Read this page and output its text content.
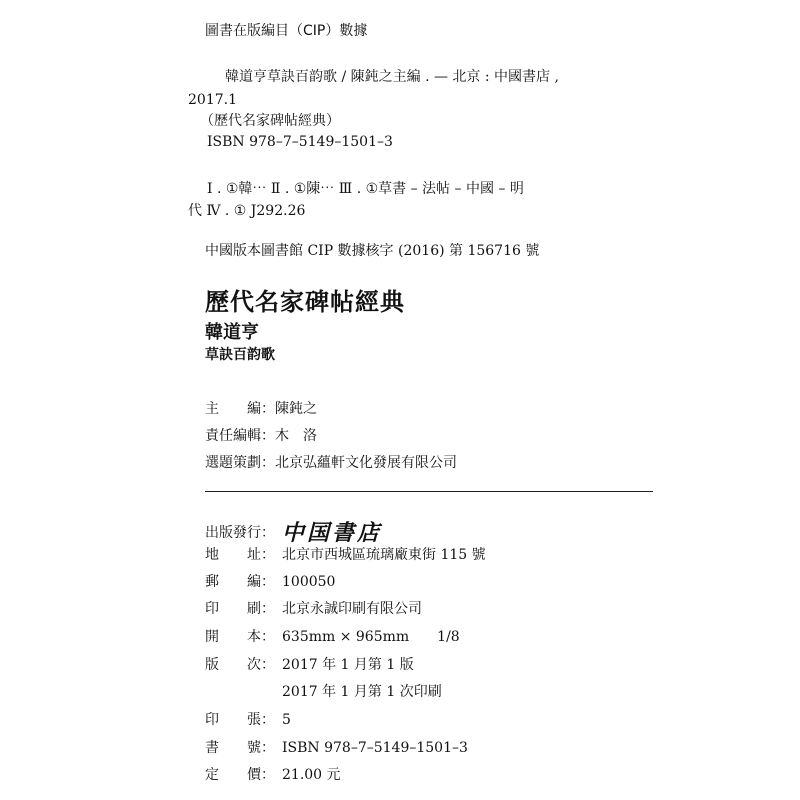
圖書在版編目（CIP）數據
韓道亨草訣百韵歌 / 陳鈍之主編 . — 北京 : 中國書店 ,
2017.1
（歷代名家碑帖經典）
ISBN 978–7–5149–1501–3
Ⅰ . ①韓⋯ Ⅱ . ①陳⋯ Ⅲ . ①草書 – 法帖 – 中國 – 明
代 Ⅳ . ① J292.26
中國版本圖書館 CIP 數據核字 (2016) 第 156716 號
歷代名家碑帖經典
韓道亨
草訣百韵歌
主　　編：陳鈍之
責任編輯：木　洛
選題策劃：北京弘蘊軒文化發展有限公司
出版發行： 中国書店
地　　址： 北京市西城區琉璃廠東街 115 號
郵　　編： 100050
印　　刷： 北京永誠印刷有限公司
開　　本： 635mm × 965mm　　1/8
版　　次： 2017 年 1 月第 1 版
2017 年 1 月第 1 次印刷
印　　張： 5
書　　號： ISBN 978–7–5149–1501–3
定　　價： 21.00 元
